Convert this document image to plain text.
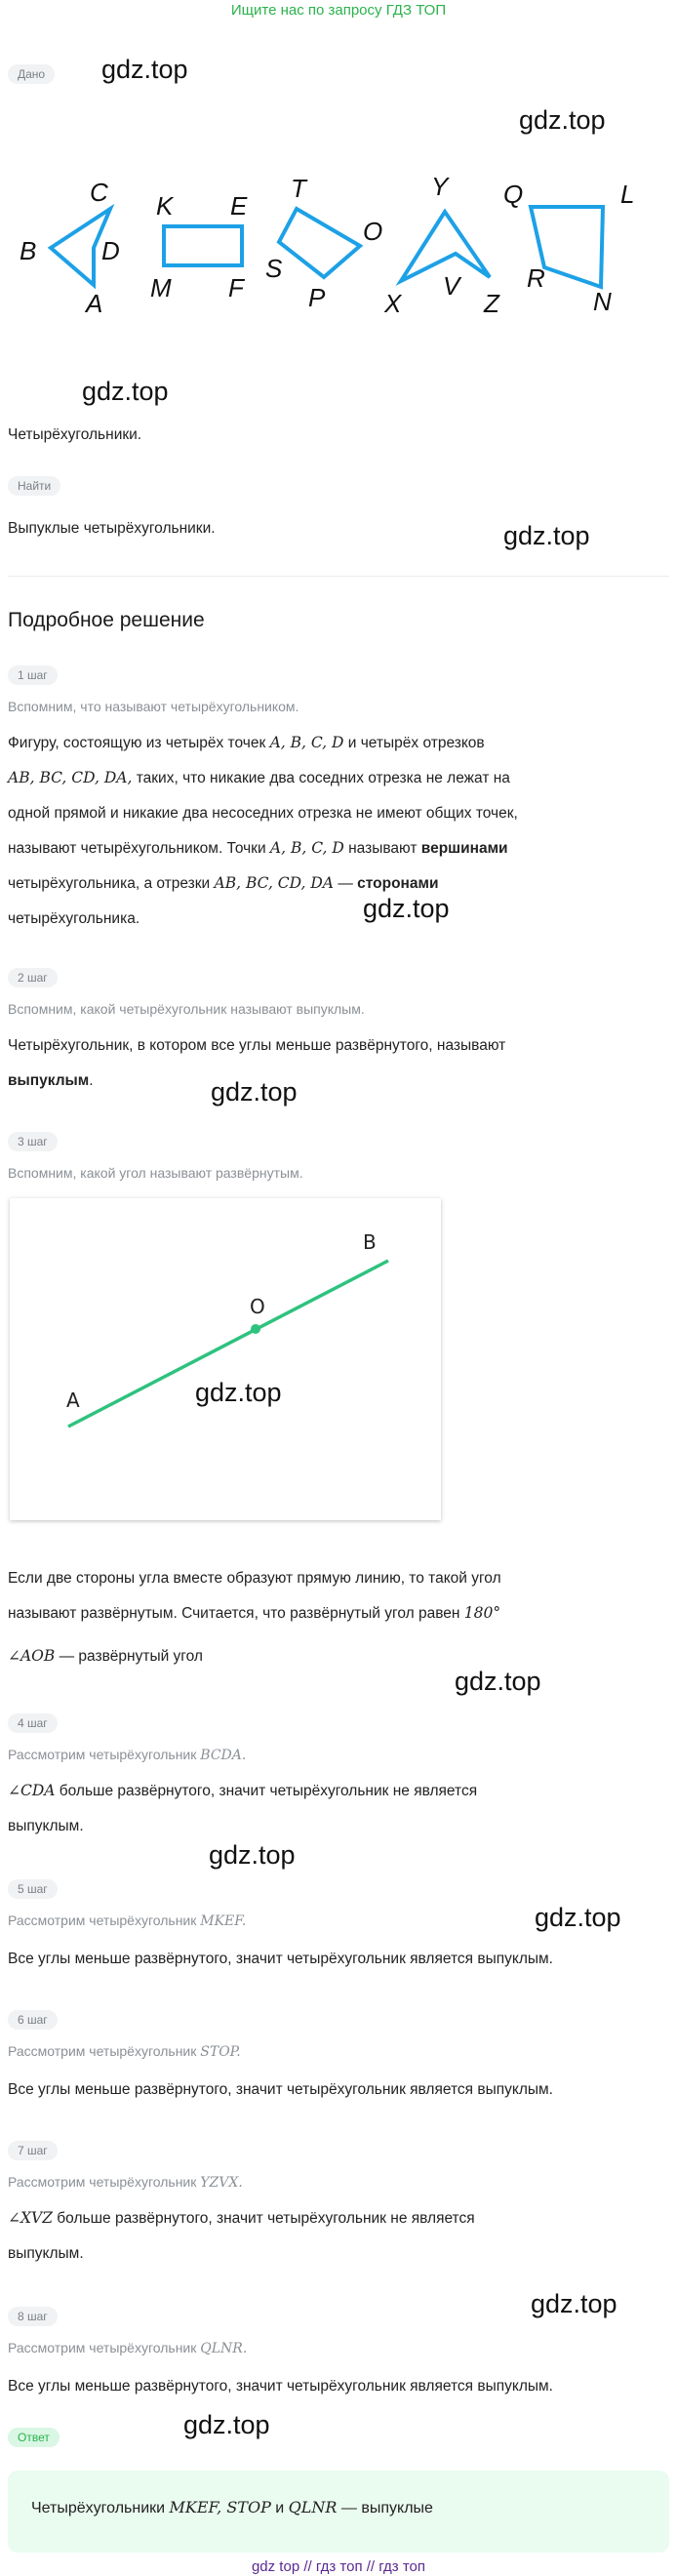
Ищите нас по запросу ГДЗ ТОП
Дано	gdz.top
gdz.top
B
C
D
A
K E
M F
T
O
S
P
Y
X
V
Z
Q	L
R
N
gdz.top
Четырёхугольники.
Найти
Выпуклые четырёхугольники.	gdz.top
Подробное решение
1 шаг
Вспомним, что называют четырёхугольником.
Фигуру, состоящую из четырёх точек A, B, C, D и четырёх отрезков
AB, BC, CD, DA, таких, что никакие два соседних отрезка не лежат на
одной прямой и никакие два несоседних отрезка не имеют общих точек,
называют четырёхугольником. Точки A, B, C, D называют вершинами
четырёхугольника, а отрезки AB, BC, CD, DA — сторонами
четырёхугольника.	gdz.top
2 шаг
Вспомним, какой четырёхугольник называют выпуклым.
Четырёхугольник, в котором все углы меньше развёрнутого, называют
выпуклым.	gdz.top
3 шаг
Вспомним, какой угол называют развёрнутым.
A
O
B
gdz.top
Если две стороны угла вместе образуют прямую линию, то такой угол
называют развёрнутым. Считается, что развёрнутый угол равен 180°
∠AOB — развёрнутый угол
gdz.top
4 шаг
Рассмотрим четырёхугольник BCDA.
∠CDA больше развёрнутого, значит четырёхугольник не является
выпуклым.
gdz.top
5 шаг
Рассмотрим четырёхугольник MKEF.	gdz.top
Все углы меньше развёрнутого, значит четырёхугольник является выпуклым.
6 шаг
Рассмотрим четырёхугольник STOP.
Все углы меньше развёрнутого, значит четырёхугольник является выпуклым.
7 шаг
Рассмотрим четырёхугольник YZVX.
∠XVZ больше развёрнутого, значит четырёхугольник не является
выпуклым.
8 шаг	gdz.top
Рассмотрим четырёхугольник QLNR.
Все углы меньше развёрнутого, значит четырёхугольник является выпуклым.
gdz.top
Ответ
Четырёхугольники MKEF, STOP и QLNR — выпуклые
gdz top // гдз топ // гдз топ
